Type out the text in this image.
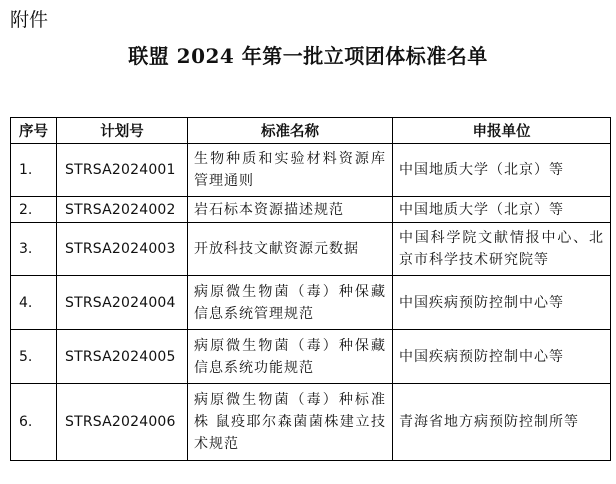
附件
联盟 2024 年第一批立项团体标准名单
序号	计划号	标准名称	申报单位
1.	STRSA2024001	生物种质和实验材料资源库管理通则	中国地质大学（北京）等
2.	STRSA2024002	岩石标本资源描述规范	中国地质大学（北京）等
3.	STRSA2024003	开放科技文献资源元数据	中国科学院文献情报中心、北京市科学技术研究院等
4.	STRSA2024004	病原微生物菌（毒）种保藏信息系统管理规范	中国疾病预防控制中心等
5.	STRSA2024005	病原微生物菌（毒）种保藏信息系统功能规范	中国疾病预防控制中心等
6.	STRSA2024006	病原微生物菌（毒）种标准株 鼠疫耶尔森菌菌株建立技术规范	青海省地方病预防控制所等
